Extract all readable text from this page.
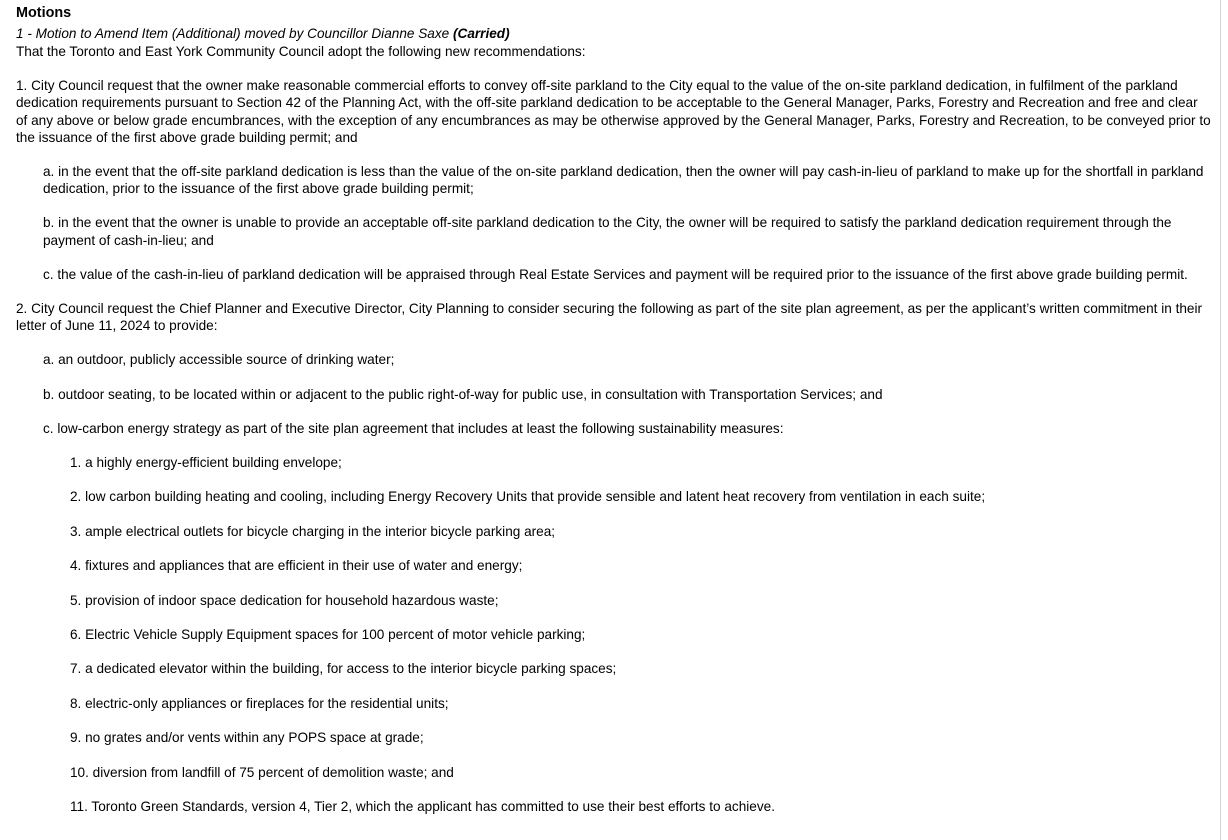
Motions
1 - Motion to Amend Item (Additional) moved by Councillor Dianne Saxe (Carried)
That the Toronto and East York Community Council adopt the following new recommendations:
1. City Council request that the owner make reasonable commercial efforts to convey off-site parkland to the City equal to the value of the on-site parkland dedication, in fulfilment of the parkland dedication requirements pursuant to Section 42 of the Planning Act, with the off-site parkland dedication to be acceptable to the General Manager, Parks, Forestry and Recreation and free and clear of any above or below grade encumbrances, with the exception of any encumbrances as may be otherwise approved by the General Manager, Parks, Forestry and Recreation, to be conveyed prior to the issuance of the first above grade building permit; and
a. in the event that the off-site parkland dedication is less than the value of the on-site parkland dedication, then the owner will pay cash-in-lieu of parkland to make up for the shortfall in parkland dedication, prior to the issuance of the first above grade building permit;
b. in the event that the owner is unable to provide an acceptable off-site parkland dedication to the City, the owner will be required to satisfy the parkland dedication requirement through the payment of cash-in-lieu; and
c. the value of the cash-in-lieu of parkland dedication will be appraised through Real Estate Services and payment will be required prior to the issuance of the first above grade building permit.
2. City Council request the Chief Planner and Executive Director, City Planning to consider securing the following as part of the site plan agreement, as per the applicant’s written commitment in their letter of June 11, 2024 to provide:
a. an outdoor, publicly accessible source of drinking water;
b. outdoor seating, to be located within or adjacent to the public right-of-way for public use, in consultation with Transportation Services; and
c. low-carbon energy strategy as part of the site plan agreement that includes at least the following sustainability measures:
1. a highly energy-efficient building envelope;
2. low carbon building heating and cooling, including Energy Recovery Units that provide sensible and latent heat recovery from ventilation in each suite;
3. ample electrical outlets for bicycle charging in the interior bicycle parking area;
4. fixtures and appliances that are efficient in their use of water and energy;
5. provision of indoor space dedication for household hazardous waste;
6. Electric Vehicle Supply Equipment spaces for 100 percent of motor vehicle parking;
7. a dedicated elevator within the building, for access to the interior bicycle parking spaces;
8. electric-only appliances or fireplaces for the residential units;
9. no grates and/or vents within any POPS space at grade;
10. diversion from landfill of 75 percent of demolition waste; and
11. Toronto Green Standards, version 4, Tier 2, which the applicant has committed to use their best efforts to achieve.
